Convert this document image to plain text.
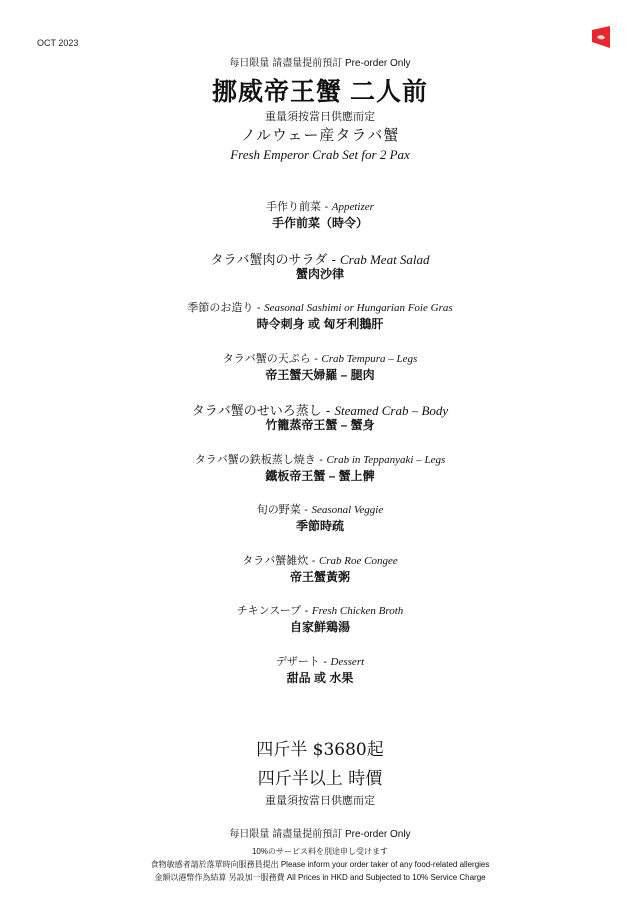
OCT 2023
每日限量 請盡量提前預訂 Pre-order Only
挪威帝王蟹 二人前
重量須按當日供應而定
ノルウェー産タラバ蟹
Fresh Emperor Crab Set for 2 Pax
手作り前菜 - Appetizer
手作前菜（時令）
タラバ蟹肉のサラダ - Crab Meat Salad
蟹肉沙律
季節のお造り - Seasonal Sashimi or Hungarian Foie Gras
時令刺身 或 匈牙利鵝肝
タラバ蟹の天ぷら - Crab Tempura – Legs
帝王蟹天婦羅 – 腿肉
タラバ蟹のせいろ蒸し - Steamed Crab – Body
竹籠蒸帝王蟹 – 蟹身
タラバ蟹の鉄板蒸し焼き - Crab in Teppanyaki – Legs
鐵板帝王蟹 – 蟹上髀
旬の野菜 - Seasonal Veggie
季節時疏
タラバ蟹雑炊 - Crab Roe Congee
帝王蟹黃粥
チキンスープ - Fresh Chicken Broth
自家鮮鶏湯
デザート - Dessert
甜品 或 水果
四斤半 $3680起
四斤半以上 時價
重量須按當日供應而定
每日限量 請盡量提前預訂 Pre-order Only
10%のサービス料を別途申し受けます
食物敏感者請於落單時向服務員提出 Please inform your order taker of any food-related allergies
金額以港幣作為結算 另設加一服務費 All Prices in HKD and Subjected to 10% Service Charge
